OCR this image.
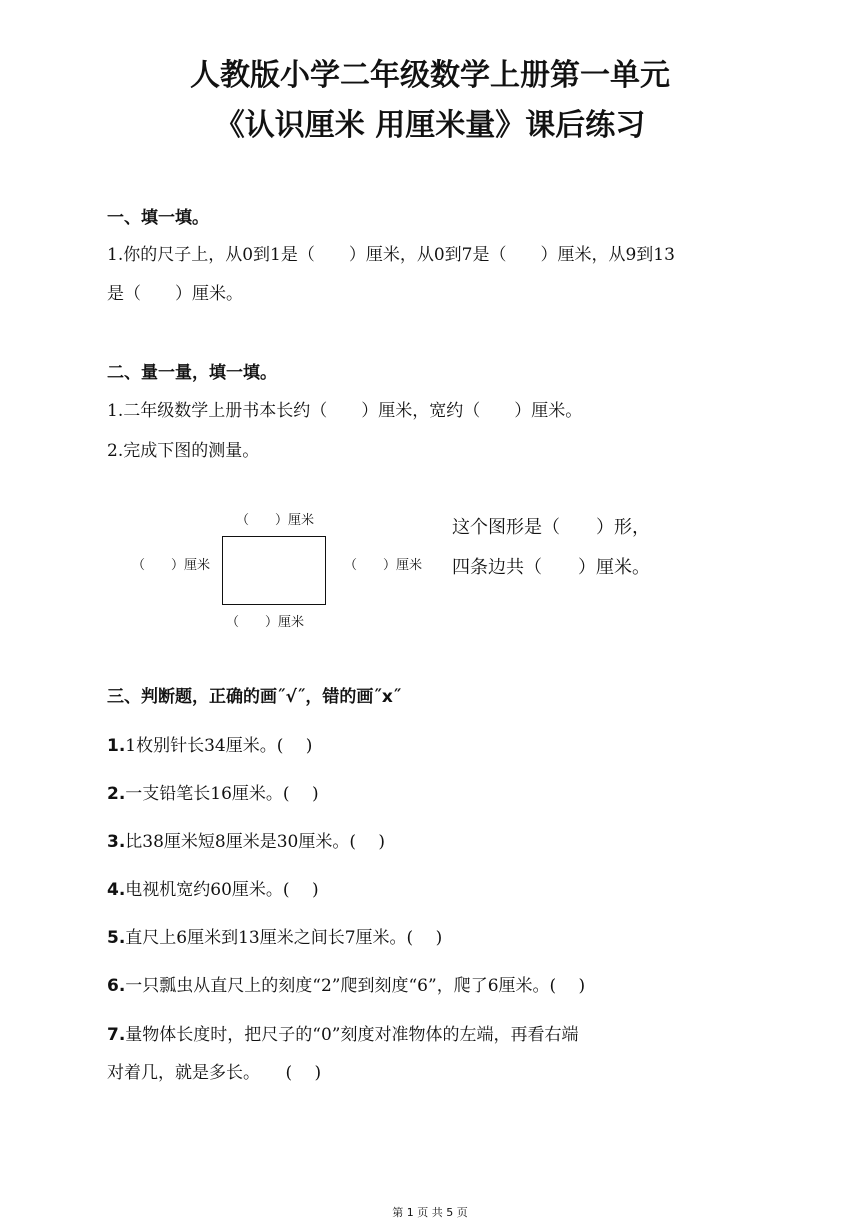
人教版小学二年级数学上册第一单元
《认识厘米 用厘米量》课后练习
一、填一填。
1.你的尺子上，从0到1是（　　）厘米，从0到7是（　　）厘米，从9到13
是（　　）厘米。
二、量一量，填一填。
1.二年级数学上册书本长约（　　）厘米，宽约（　　）厘米。
2.完成下图的测量。
（　　）厘米
（　　）厘米	（　　）厘米
（　　）厘米
这个图形是（　　）形，
四条边共（　　）厘米。
三、判断题，正确的画˝√˝，错的画˝x˝
1.1枚别针长34厘米。(　 )
2.一支铅笔长16厘米。(　 )
3.比38厘米短8厘米是30厘米。(　 )
4.电视机宽约60厘米。(　 )
5.直尺上6厘米到13厘米之间长7厘米。(　 )
6.一只瓢虫从直尺上的刻度“2”爬到刻度“6”，爬了6厘米。(　 )
7.量物体长度时，把尺子的“0”刻度对准物体的左端，再看右端
对着几，就是多长。　　(　 )
第 1 页 共 5 页
